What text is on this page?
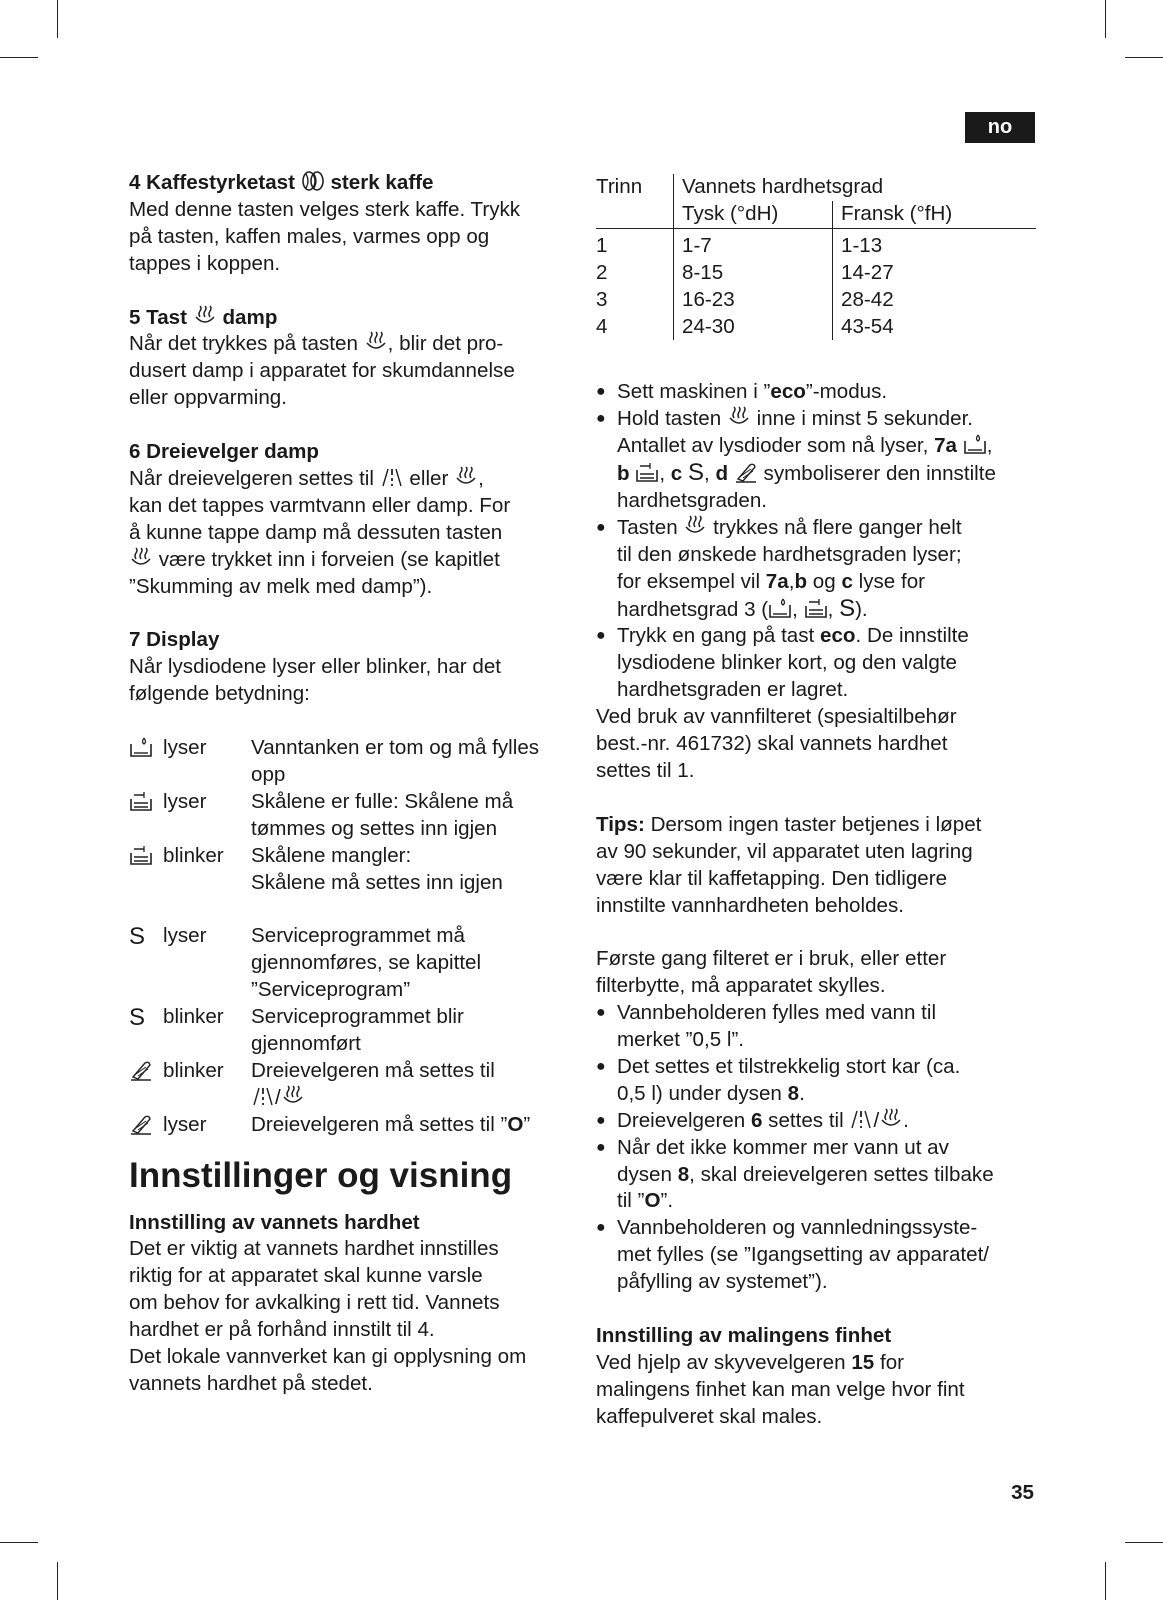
no

4 Kaffestyrketast sterk kaffe

Med denne tasten velges sterk kaffe. Trykk

på tasten, kaffen males, varmes opp og

tappes i koppen.

5 Tast damp

Når det trykkes på tasten , blir det pro-

dusert damp i apparatet for skumdannelse

eller oppvarming.

6 Dreievelger damp

Når dreievelgeren settes til eller ,

kan det tappes varmtvann eller damp. For

å kunne tappe damp må dessuten tasten

være trykket inn i forveien (se kapitlet

”Skumming av melk med damp”).

7 Display

Når lysdiodene lyser eller blinker, har det

følgende betydning:

lyser	Vanntanken er tom og må fylles

opp

lyser	Skålene er fulle: Skålene må

tømmes og settes inn igjen

blinker	Skålene mangler:

Skålene må settes inn igjen

S lyser	Serviceprogrammet må

gjennomføres, se kapittel

”Serviceprogram”

S blinker	Serviceprogrammet blir

gjennomført

blinker	Dreievelgeren må settes til

/

lyser	Dreievelgeren må settes til ”O”

Innstillinger og visning

Innstilling av vannets hardhet

Det er viktig at vannets hardhet innstilles

riktig for at apparatet skal kunne varsle

om behov for avkalking i rett tid. Vannets

hardhet er på forhånd innstilt til 4.

Det lokale vannverket kan gi opplysning om

vannets hardhet på stedet.

Trinn	Vannets hardhetsgrad	
	Tysk (°dH)	Fransk (°fH)
1	1-7	1-13
2	8-15	14-27
3	16-23	28-42
4	24-30	43-54

● Sett maskinen i ”eco”-modus.

● Hold tasten inne i minst 5 sekunder.

Antallet av lysdioder som nå lyser, 7a ,

b , c S, d symboliserer den innstilte

hardhetsgraden.

● Tasten trykkes nå flere ganger helt

til den ønskede hardhetsgraden lyser;

for eksempel vil 7a,b og c lyse for

hardhetsgrad 3 ( , , S).

● Trykk en gang på tast eco. De innstilte

lysdiodene blinker kort, og den valgte

hardhetsgraden er lagret.

Ved bruk av vannfilteret (spesialtilbehør

best.-nr. 461732) skal vannets hardhet

settes til 1.

Tips: Dersom ingen taster betjenes i løpet

av 90 sekunder, vil apparatet uten lagring

være klar til kaffetapping. Den tidligere

innstilte vannhardheten beholdes.

Første gang filteret er i bruk, eller etter

filterbytte, må apparatet skylles.

● Vannbeholderen fylles med vann til

merket ”0,5 l”.

● Det settes et tilstrekkelig stort kar (ca.

0,5 l) under dysen 8.

● Dreievelgeren 6 settes til / .

● Når det ikke kommer mer vann ut av

dysen 8, skal dreievelgeren settes tilbake

til ”O”.

● Vannbeholderen og vannledningssyste-

met fylles (se ”Igangsetting av apparatet/

påfylling av systemet”).

Innstilling av malingens finhet

Ved hjelp av skyvevelgeren 15 for

malingens finhet kan man velge hvor fint

kaffepulveret skal males.

35
